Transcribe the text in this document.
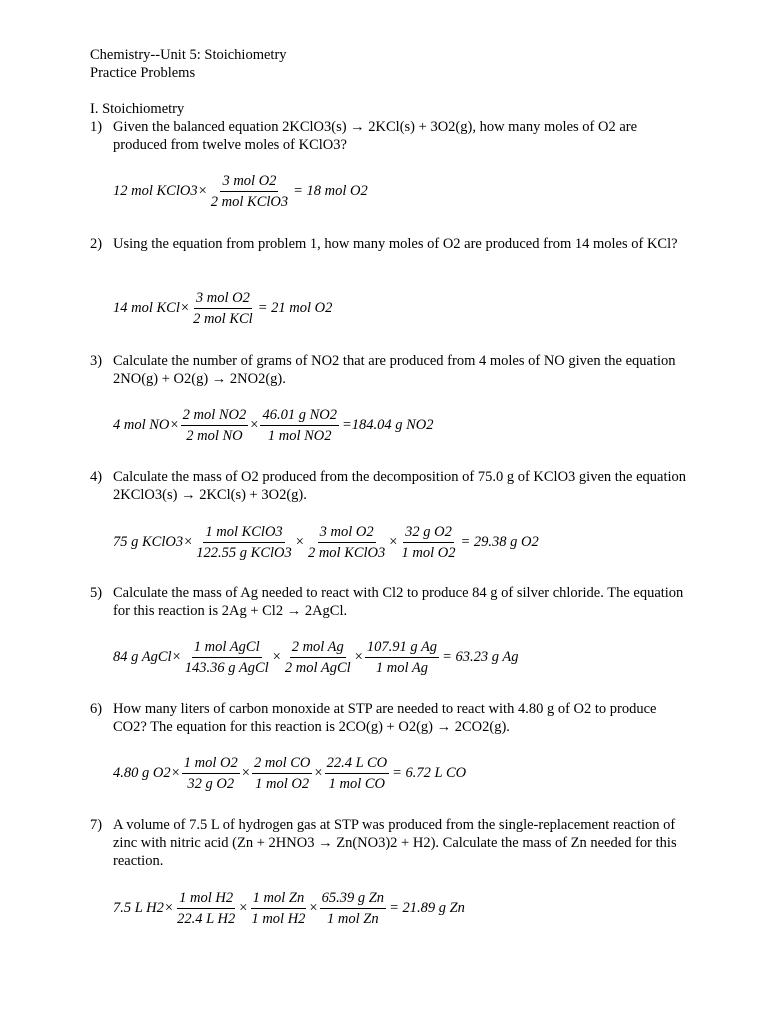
Chemistry--Unit 5: Stoichiometry
Practice Problems
I. Stoichiometry
1) Given the balanced equation 2KClO3(s) → 2KCl(s) + 3O2(g), how many moles of O2 are produced from twelve moles of KClO3?
12 mol KClO3 × $\frac{\text{3 mol O2}}{\text{2 mol KClO3}} = 18$ mol O2
2) Using the equation from problem 1, how many moles of O2 are produced from 14 moles of KCl?
14 mol KCl × $\frac{\text{3 mol O2}}{\text{2 mol KCl}} = 21$ mol O2
3) Calculate the number of grams of NO2 that are produced from 4 moles of NO given the equation 2NO(g) + O2(g) → 2NO2(g).
4 mol NO × $\frac{\text{2 mol NO2}}{\text{2 mol NO}} \times \frac{\text{46.01 g NO2}}{\text{1 mol NO2}} =184.04$ g NO2
4) Calculate the mass of O2 produced from the decomposition of 75.0 g of KClO3 given the equation 2KClO3(s) → 2KCl(s) + 3O2(g).
75 g KClO3 × $\frac{\text{1 mol KClO3}}{\text{122.55 g KClO3}} \times \frac{\text{3 mol O2}}{\text{2 mol KClO3}} \times \frac{\text{32 g O2}}{\text{1 mol O2}} = 29.38$ g O2
5) Calculate the mass of Ag needed to react with Cl2 to produce 84 g of silver chloride. The equation for this reaction is 2Ag + Cl2 → 2AgCl.
84 g AgCl × $\frac{\text{1 mol AgCl}}{\text{143.36 g AgCl}} \times \frac{\text{2 mol Ag}}{\text{2 mol AgCl}} \times \frac{\text{107.91 g Ag}}{\text{1 mol Ag}} = 63.23$ g Ag
6) How many liters of carbon monoxide at STP are needed to react with 4.80 g of O2 to produce CO2? The equation for this reaction is 2CO(g) + O2(g) → 2CO2(g).
4.80 g $O2 \times \frac{\text{1 mol O2}}{\text{32 g O2}} \times \frac{\text{2 mol CO}}{\text{1 mol O2}} \times \frac{\text{22.4 L CO}}{\text{1 mol CO}} = 6.72$ L CO
7) A volume of 7.5 L of hydrogen gas at STP was produced from the single-replacement reaction of zinc with nitric acid (Zn + 2HNO3 → Zn(NO3)2 + H2). Calculate the mass of Zn needed for this reaction.
7.5 L $H2 \times \frac{\text{1 mol H2}}{\text{22.4 L H2}} \times \frac{\text{1 mol Zn}}{\text{1 mol H2}} \times \frac{\text{65.39 g Zn}}{\text{1 mol Zn}} = 21.89$ g Zn
